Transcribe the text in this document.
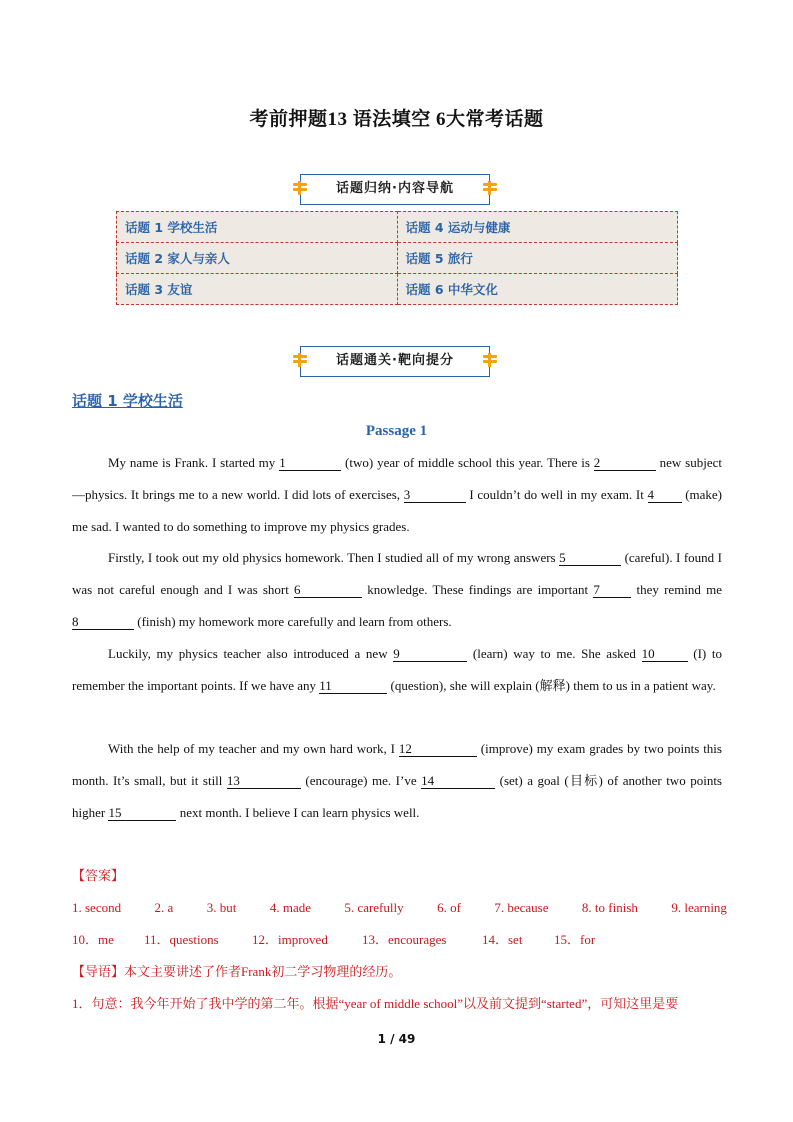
考前押题13 语法填空 6大常考话题
话题归纳·内容导航
话题 1 学校生活	话题 4 运动与健康
话题 2 家人与亲人	话题 5 旅行
话题 3 友谊	话题 6 中华文化
话题通关·靶向提分
话题 1 学校生活
Passage 1
My name is Frank. I started my 1	(two) year of middle school this year. There is 2	new subject—physics. It brings me to a new world. I did lots of exercises, 3	I couldn’t do well in my exam. It 4 (make) me sad. I wanted to do something to improve my physics grades.
Firstly, I took out my old physics homework. Then I studied all of my wrong answers 5	(careful). I found I was not careful enough and I was short 6	knowledge. These findings are important 7 they remind me 8	(finish) my homework more carefully and learn from others.
Luckily, my physics teacher also introduced a new 9	(learn) way to me. She asked 10	(I) to remember the important points. If we have any 11	(question), she will explain (解释) them to us in a patient way.
With the help of my teacher and my own hard work, I 12	(improve) my exam grades by two points this month. It’s small, but it still 13	(encourage) me. I’ve 14	(set) a goal (目标) of another two points higher 15	next month. I believe I can learn physics well.
【答案】
1. second	2. a	3. but	4. made	5. carefully	6. of	7. because	8. to finish	9. learning
10．me	11．questions	12．improved	13．encourages	14．set	15．for
【导语】本文主要讲述了作者Frank初二学习物理的经历。
1．句意：我今年开始了我中学的第二年。根据“year of middle school”以及前文提到“started”，可知这里是要
1 / 49
